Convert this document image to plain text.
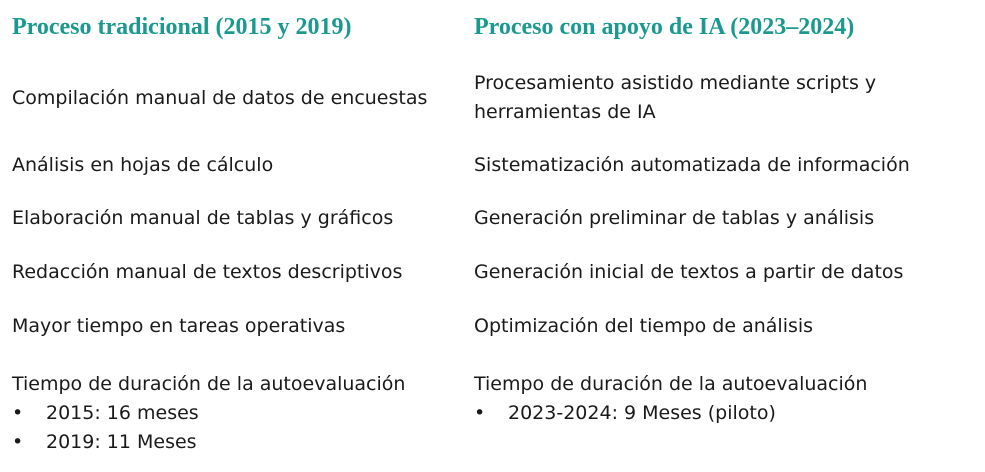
Proceso tradicional (2015 y 2019)

Compilación manual de datos de encuestas

Análisis en hojas de cálculo

Elaboración manual de tablas y gráficos

Redacción manual de textos descriptivos

Mayor tiempo en tareas operativas

Tiempo de duración de la autoevaluación

• 2015: 16 meses
• 2019: 11 Meses
Proceso con apoyo de IA (2023–2024)

Procesamiento asistido mediante scripts y herramientas de IA

Sistematización automatizada de información

Generación preliminar de tablas y análisis

Generación inicial de textos a partir de datos

Optimización del tiempo de análisis

Tiempo de duración de la autoevaluación

• 2023-2024: 9 Meses (piloto)
